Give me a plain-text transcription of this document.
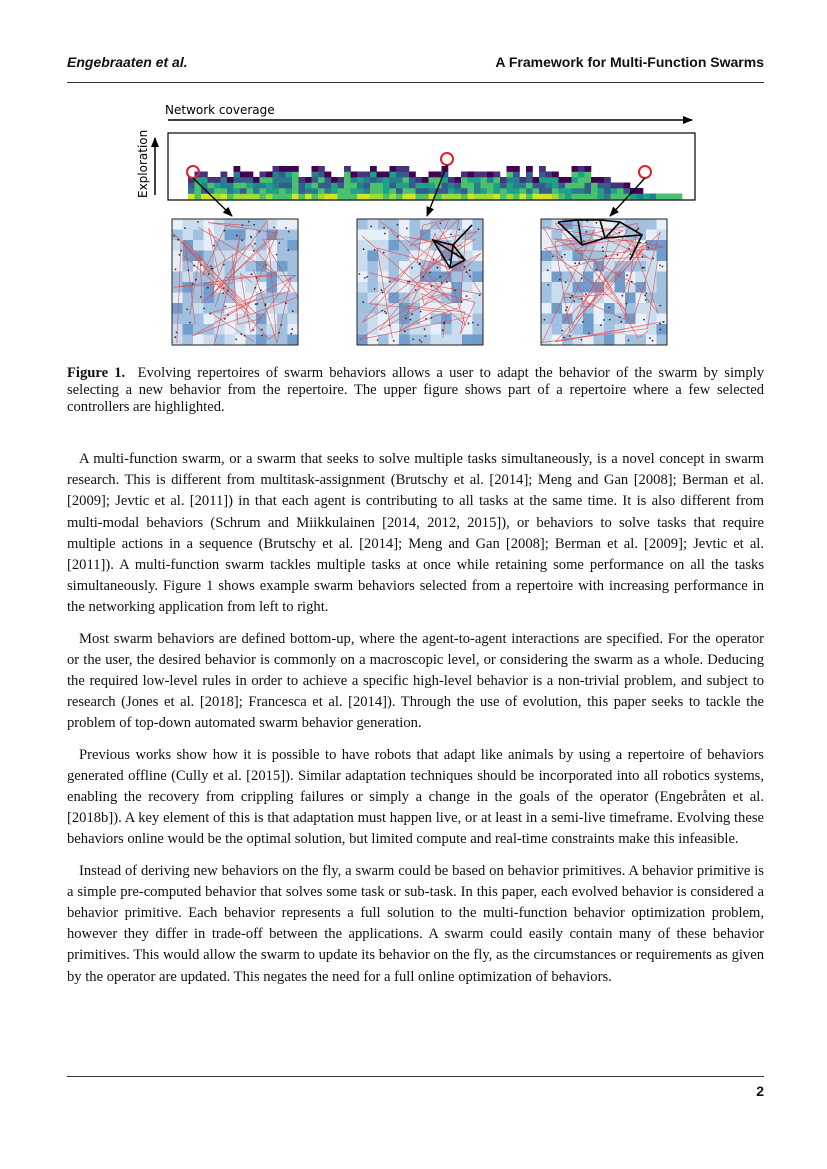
Engebraaten et al.	A Framework for Multi-Function Swarms
Network coverage
Exploration
Figure 1. Evolving repertoires of swarm behaviors allows a user to adapt the behavior of the swarm by simply selecting a new behavior from the repertoire. The upper figure shows part of a repertoire where a few selected controllers are highlighted.

A multi-function swarm, or a swarm that seeks to solve multiple tasks simultaneously, is a novel concept in swarm research. This is different from multitask-assignment (Brutschy et al. [2014]; Meng and Gan [2008]; Berman et al. [2009]; Jevtic et al. [2011]) in that each agent is contributing to all tasks at the same time. It is also different from multi-modal behaviors (Schrum and Miikkulainen [2014, 2012, 2015]), or behaviors to solve tasks that require multiple actions in a sequence (Brutschy et al. [2014]; Meng and Gan [2008]; Berman et al. [2009]; Jevtic et al. [2011]). A multi-function swarm tackles multiple tasks at once while retaining some performance on all the tasks simultaneously. Figure 1 shows example swarm behaviors selected from a repertoire with increasing performance in the networking application from left to right.

Most swarm behaviors are defined bottom-up, where the agent-to-agent interactions are specified. For the operator or the user, the desired behavior is commonly on a macroscopic level, or considering the swarm as a whole. Deducing the required low-level rules in order to achieve a specific high-level behavior is a non-trivial problem, and subject to research (Jones et al. [2018]; Francesca et al. [2014]). Through the use of evolution, this paper seeks to tackle the problem of top-down automated swarm behavior generation.

Previous works show how it is possible to have robots that adapt like animals by using a repertoire of behaviors generated offline (Cully et al. [2015]). Similar adaptation techniques should be incorporated into all robotics systems, enabling the recovery from crippling failures or simply a change in the goals of the operator (Engebråten et al. [2018b]). A key element of this is that adaptation must happen live, or at least in a semi-live timeframe. Evolving these behaviors online would be the optimal solution, but limited compute and real-time constraints make this infeasible.

Instead of deriving new behaviors on the fly, a swarm could be based on behavior primitives. A behavior primitive is a simple pre-computed behavior that solves some task or sub-task. In this paper, each evolved behavior is considered a behavior primitive. Each behavior represents a full solution to the multi-function behavior optimization problem, however they differ in trade-off between the applications. A swarm could easily contain many of these behavior primitives. This would allow the swarm to update its behavior on the fly, as the circumstances or requirements as given by the operator are updated. This negates the need for a full online optimization of behaviors.

2
